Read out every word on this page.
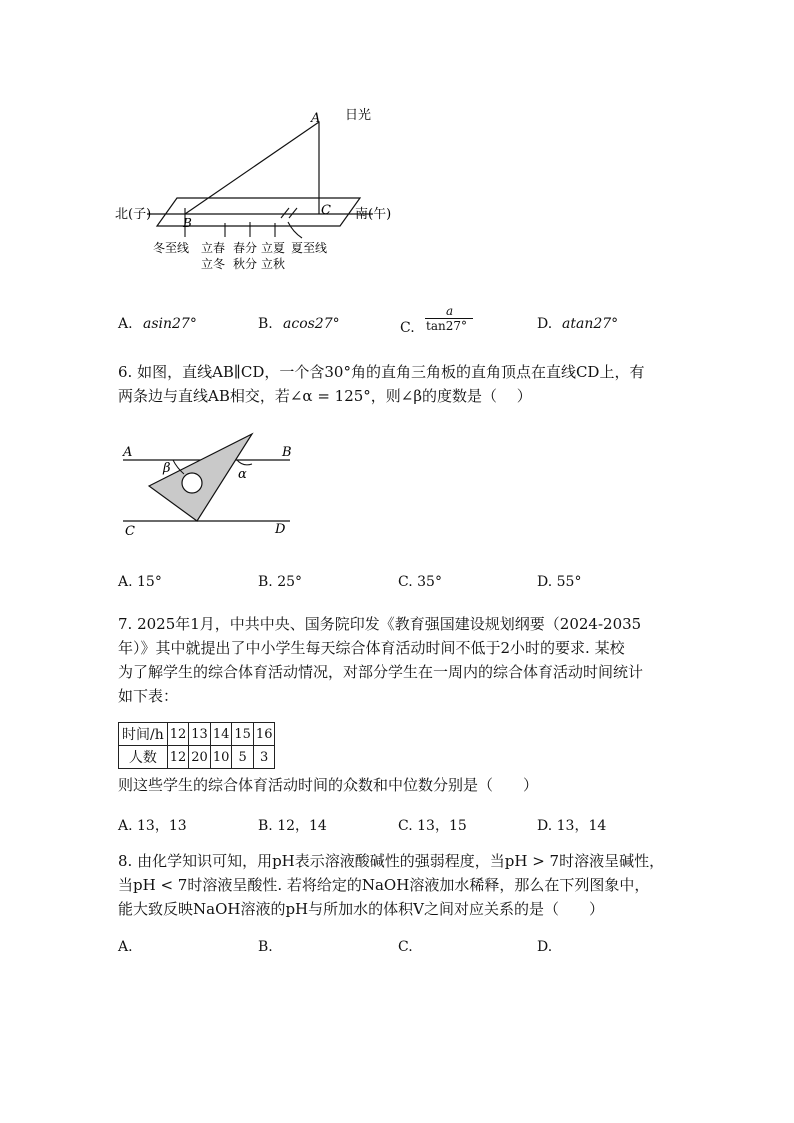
A 日光
B
C
北(子)	南(午)
冬至线 立春
立冬
春分
秋分
立夏
立秋
夏至线
A. asin27°	B. acos27°	C.
a
tan27°	D. atan27°
6. 如图，直线AB∥CD，一个含30°角的直角三角板的直角顶点在直线CD上，有
两条边与直线AB相交，若∠α = 125°，则∠β的度数是（　 ）
A	B
C	D
α
β
A. 15°	B. 25°	C. 35°	D. 55°
7. 2025年1月，中共中央、国务院印发《教育强国建设规划纲要（2024-2035
年）》其中就提出了中小学生每天综合体育活动时间不低于2小时的要求. 某校
为了解学生的综合体育活动情况，对部分学生在一周内的综合体育活动时间统计
如下表：
时间/h	12	13	14	15	16
人数	12	20	10	5	3
则这些学生的综合体育活动时间的众数和中位数分别是（　　）
A. 13，13	B. 12，14	C. 13，15	D. 13，14
8. 由化学知识可知，用pH表示溶液酸碱性的强弱程度，当pH > 7时溶液呈碱性，
当pH < 7时溶液呈酸性. 若将给定的NaOH溶液加水稀释，那么在下列图象中，
能大致反映NaOH溶液的pH与所加水的体积V之间对应关系的是（　　）
A.	B.	C.	D.
